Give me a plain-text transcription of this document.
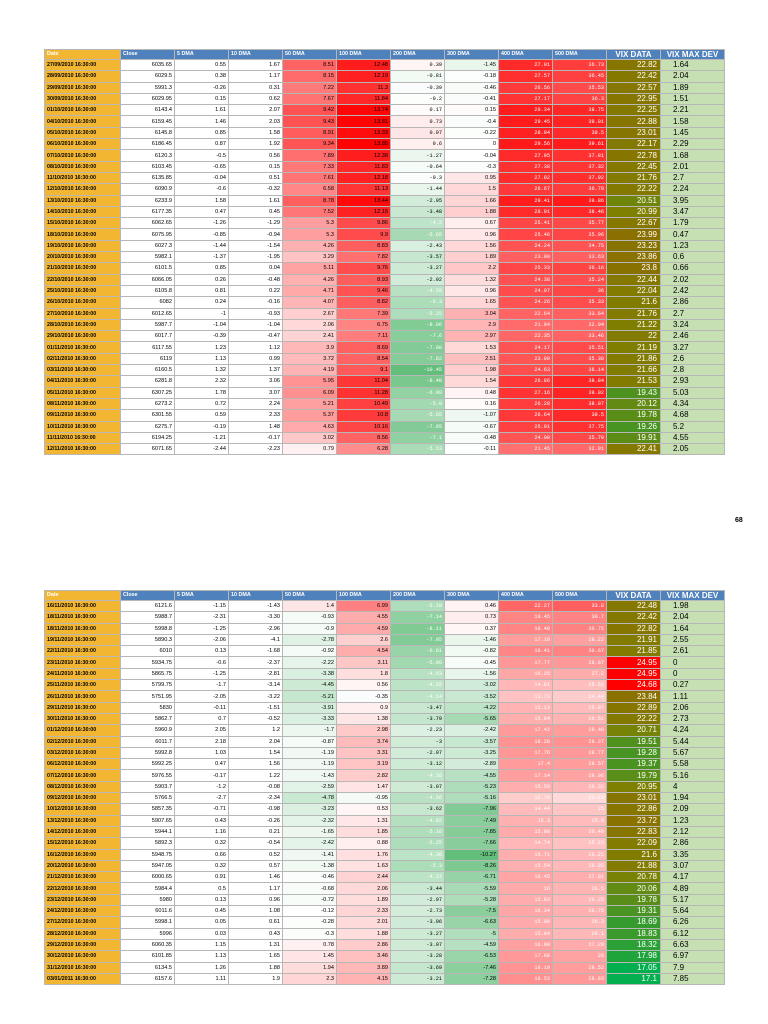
Date	Close	5 DMA	10 DMA	50 DMA	100 DMA	200 DMA	300 DMA	400 DMA	500 DMA	VIX DATA	VIX MAX DEV
27/09/2010 16:30:00	6035.65	0.55	1.67	8.51	12.48	0.39	-1.45	27.91	36.73	22.82	1.64
28/09/2010 16:30:00	6029.5	0.38	1.17	8.15	12.19	-0.81	-0.18	27.57	36.45	22.42	2.04
29/09/2010 16:30:00	5991.3	-0.26	0.31	7.22	11.3	-0.39	-0.46	26.56	35.53	22.57	1.89
30/09/2010 16:30:00	6029.95	0.15	0.62	7.67	11.84	-0.2	-0.41	27.17	36.3	22.95	1.51
01/10/2010 16:30:00	6143.4	1.61	2.07	9.42	13.74	0.17	0.15	29.34	38.75	22.25	2.21
04/10/2010 16:30:00	6159.45	1.46	2.03	9.43	13.81	0.73	-0.4	29.45	39.01	22.88	1.58
05/10/2010 16:30:00	6145.8	0.85	1.58	8.91	13.33	0.97	-0.22	28.94	38.5	23.01	1.45
06/10/2010 16:30:00	6186.45	0.87	1.92	9.34	13.85	0.6	0	29.56	39.61	22.17	2.29
07/10/2010 16:30:00	6120.3	-0.5	0.56	7.89	12.38	-1.27	-0.04	27.95	37.81	22.78	1.68
08/10/2010 16:30:00	6103.45	-0.65	0.15	7.33	11.83	-0.64	-0.3	27.38	37.32	22.45	2.01
11/10/2010 16:30:00	6135.85	-0.04	0.51	7.61	12.18	-0.3	0.95	27.82	37.92	21.76	2.7
12/10/2010 16:30:00	6090.9	-0.6	-0.32	6.58	11.13	-1.44	1.5	26.67	36.79	22.22	2.24
13/10/2010 16:30:00	6233.9	1.58	1.61	8.78	13.44	-2.95	1.66	29.41	39.86	20.51	3.95
14/10/2010 16:30:00	6177.35	0.47	0.45	7.52	12.15	-3.48	1.88	28.01	38.46	20.99	3.47
15/10/2010 16:30:00	6062.65	-1.26	-1.29	5.3	9.86	-4.2	0.67	25.41	35.77	22.67	1.79
18/10/2010 16:30:00	6075.95	-0.85	-0.94	5.3	9.9	-5.65	0.96	25.46	35.96	23.99	0.47
19/10/2010 16:30:00	6027.3	-1.44	-1.54	4.26	8.83	-2.43	1.56	24.24	34.75	23.23	1.23
20/10/2010 16:30:00	5982.1	-1.37	-1.95	3.29	7.82	-3.57	1.89	23.09	33.63	23.86	0.6
21/10/2010 16:30:00	6101.5	0.85	0.04	5.11	9.76	-3.27	2.2	25.33	36.16	23.8	0.66
22/10/2010 16:30:00	6066.05	0.26	-0.48	4.26	8.93	-2.92	1.32	24.38	35.24	22.44	2.02
25/10/2010 16:30:00	6105.8	0.81	0.22	4.71	9.46	-4.59	0.96	24.97	36	22.04	2.42
26/10/2010 16:30:00	6082	0.24	-0.16	4.07	8.82	-5.3	1.65	24.26	35.33	21.6	2.86
27/10/2010 16:30:00	6012.65	-1	-0.93	2.67	7.39	-5.25	3.04	22.64	33.64	21.76	2.7
28/10/2010 16:30:00	5987.7	-1.04	-1.04	2.06	6.75	-8.06	2.9	21.94	32.94	21.22	3.24
29/10/2010 16:30:00	6017.7	-0.39	-0.47	2.41	7.11	-7.6	2.97	22.35	33.46	22	2.46
01/11/2010 16:30:00	6117.55	1.23	1.12	3.9	8.69	-7.98	1.53	24.17	35.51	21.19	3.27
02/11/2010 16:30:00	6119	1.13	0.99	3.72	8.54	-7.82	2.51	23.99	35.38	21.86	2.6
03/11/2010 16:30:00	6160.5	1.32	1.37	4.19	9.1	-10.45	1.98	24.63	36.14	21.66	2.8
04/11/2010 16:30:00	6281.8	2.32	3.06	5.95	11.04	-8.48	1.54	26.86	38.84	21.53	2.93
05/11/2010 16:30:00	6307.25	1.78	3.07	6.09	11.28	-6.98	0.48	27.16	39.02	19.43	5.03
08/11/2010 16:30:00	6273.2	0.72	2.24	5.21	10.49	-5.9	0.16	26.28	38.07	20.12	4.34
09/11/2010 16:30:00	6301.55	0.59	2.33	5.37	10.8	-5.65	-1.07	26.64	38.5	19.78	4.68
10/11/2010 16:30:00	6275.7	-0.19	1.48	4.63	10.16	-7.95	-0.67	25.91	37.75	19.26	5.2
11/11/2010 16:30:00	6194.25	-1.21	-0.17	3.02	8.56	-7.1	-0.48	24.08	35.79	19.91	4.55
12/11/2010 16:30:00	6071.65	-2.44	-2.23	0.79	6.28	-5.53	-0.11	21.45	32.91	22.41	2.05
68
Date	Close	5 DMA	10 DMA	50 DMA	100 DMA	200 DMA	300 DMA	400 DMA	500 DMA	VIX DATA	VIX MAX DEV
16/11/2010 16:30:00	6121.6	-1.15	-1.43	1.4	6.99	-5.18	0.46	22.27	33.8	22.48	1.98
18/11/2010 16:30:00	5988.7	-2.31	-3.30	-0.93	4.55	-7.14	0.73	19.45	30.7	22.42	2.04
18/11/2010 16:30:00	5998.8	-1.25	-2.96	-0.9	4.59	-8.11	0.37	19.49	30.75	22.82	1.64
19/11/2010 16:30:00	5890.3	-2.06	-4.1	-2.78	2.6	-7.95	-1.46	17.18	28.22	21.91	2.55
22/11/2010 16:30:00	6010	0.13	-1.68	-0.92	4.54	-6.61	-0.82	19.41	30.67	21.85	2.61
23/11/2010 16:30:00	5934.75	-0.6	-2.37	-2.22	3.11	-5.96	-0.45	17.77	28.87	24.95	0
24/11/2010 16:30:00	5865.75	-1.25	-2.81	-3.38	1.8	-4.63	-1.56	16.25	27.2	24.95	0
25/11/2010 16:30:00	5799.75	-1.7	-3.14	-4.45	0.56	-4.25	-3.02	14.81	25.62	24.68	0.27
26/11/2010 16:30:00	5751.95	-2.05	-3.22	-5.21	-0.35	-4.14	-3.52	13.73	24.44	23.84	1.11
29/11/2010 16:30:00	5830	-0.11	-1.51	-3.91	0.9	-3.47	-4.22	15.13	25.97	22.89	2.06
30/11/2010 16:30:00	5862.7	0.7	-0.52	-3.33	1.38	-3.79	-5.65	15.64	26.51	22.22	2.73
01/12/2010 16:30:00	5960.9	2.05	1.2	-1.7	2.98	-2.23	-2.42	17.42	28.46	20.71	4.24
02/12/2010 16:30:00	6011.7	2.18	2.04	-0.87	3.74	-3	-3.57	18.28	29.37	19.51	5.44
03/12/2010 16:30:00	5992.8	1.03	1.54	-1.19	3.31	-2.97	-3.25	17.76	28.77	19.28	5.67
06/12/2010 16:30:00	5992.25	0.47	1.56	-1.19	3.19	-3.12	-2.89	17.4	28.57	19.37	5.58
07/12/2010 16:30:00	5976.55	-0.17	1.22	-1.43	2.82	-4.16	-4.55	17.14	28.06	19.79	5.16
08/12/2010 16:30:00	5903.7	-1.2	-0.08	-2.59	1.47	-3.07	-5.23	15.59	26.32	20.95	4
09/12/2010 16:30:00	5766.5	-2.7	-2.34	-4.78	-0.95	-4.56	-5.16	12.79	23.23	23.01	1.94
10/12/2010 16:30:00	5857.35	-0.71	-0.98	-3.23	0.53	-3.62	-7.96	14.44	25	22.86	2.09
13/12/2010 16:30:00	5907.65	0.43	-0.26	-2.32	1.31	-4.82	-7.49	15.3	25.9	23.72	1.23
14/12/2010 16:30:00	5944.1	1.16	0.21	-1.65	1.85	-5.16	-7.85	15.88	26.49	22.83	2.12
15/12/2010 16:30:00	5892.3	0.32	-0.54	-2.42	0.88	-5.25	-7.66	14.74	25.23	22.09	2.86
16/12/2010 16:30:00	5948.75	0.66	0.52	-1.41	1.76	-4.36	-10.27	15.71	26.25	21.6	3.35
20/12/2010 16:30:00	5947.05	0.32	0.57	-1.38	1.63	-5.3	-8.26	15.54	26.05	21.88	3.07
21/12/2010 16:30:00	6000.65	0.91	1.46	-0.46	2.44	-4.37	-6.71	16.45	27.01	20.78	4.17
22/12/2010 16:30:00	5984.4	0.5	1.17	-0.68	2.06	-3.44	-5.59	16	26.5	20.06	4.89
23/12/2010 16:30:00	5980	0.13	0.96	-0.72	1.89	-2.97	-5.28	15.83	26.25	19.78	5.17
24/12/2010 16:30:00	6011.6	0.45	1.08	-0.12	2.33	-2.73	-7.5	16.34	26.75	19.31	5.64
27/12/2010 16:30:00	5998.1	0.05	0.61	-0.28	2.01	-3.06	-6.63	15.98	26.3	18.69	6.26
28/12/2010 16:30:00	5996	0.03	0.43	-0.3	1.88	-3.27	-5	15.84	26.1	18.83	6.12
29/12/2010 16:30:00	6060.35	1.15	1.31	0.78	2.86	-3.07	-4.59	16.98	27.29	18.32	6.63
30/12/2010 16:30:00	6101.85	1.13	1.65	1.45	3.46	-3.28	-6.53	17.68	28	17.98	6.97
31/12/2010 16:30:00	6134.5	1.26	1.88	1.94	3.89	-3.69	-7.46	18.19	28.52	17.05	7.9
03/01/2011 16:30:00	6157.6	1.11	1.9	2.3	4.15	-3.21	-7.28	18.53	28.83	17.1	7.85
